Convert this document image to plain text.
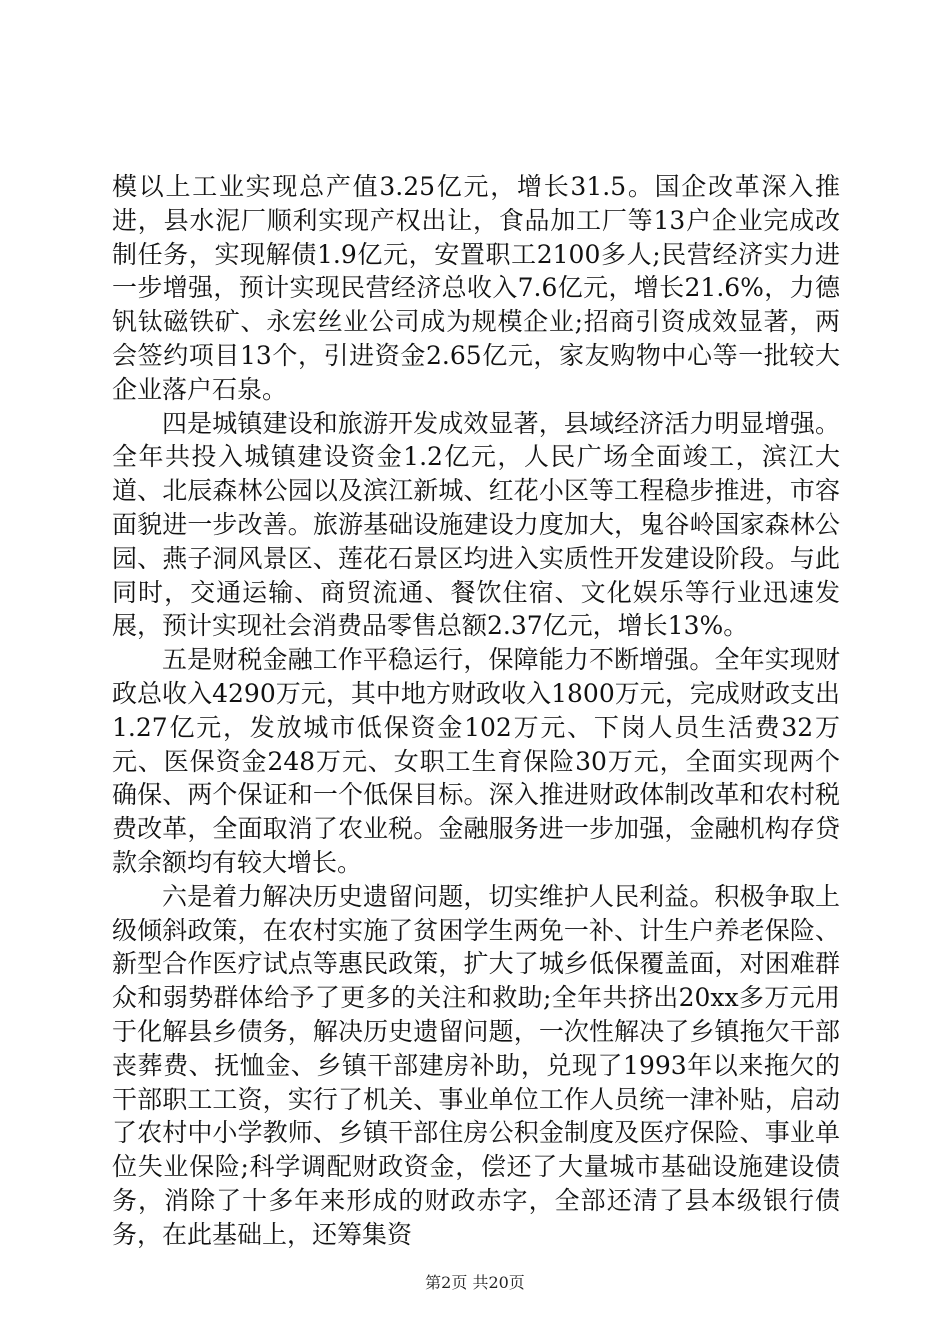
模以上工业实现总产值3.25亿元，增长31.5。国企改革深入推进，县水泥厂顺利实现产权出让，食品加工厂等13户企业完成改制任务，实现解债1.9亿元，安置职工2100多人;民营经济实力进一步增强，预计实现民营经济总收入7.6亿元，增长21.6%，力德钒钛磁铁矿、永宏丝业公司成为规模企业;招商引资成效显著，两会签约项目13个，引进资金2.65亿元，家友购物中心等一批较大企业落户石泉。

四是城镇建设和旅游开发成效显著，县域经济活力明显增强。全年共投入城镇建设资金1.2亿元，人民广场全面竣工，滨江大道、北辰森林公园以及滨江新城、红花小区等工程稳步推进，市容面貌进一步改善。旅游基础设施建设力度加大，鬼谷岭国家森林公园、燕子洞风景区、莲花石景区均进入实质性开发建设阶段。与此同时，交通运输、商贸流通、餐饮住宿、文化娱乐等行业迅速发展，预计实现社会消费品零售总额2.37亿元，增长13%。

五是财税金融工作平稳运行，保障能力不断增强。全年实现财政总收入4290万元，其中地方财政收入1800万元，完成财政支出1.27亿元，发放城市低保资金102万元、下岗人员生活费32万元、医保资金248万元、女职工生育保险30万元，全面实现两个确保、两个保证和一个低保目标。深入推进财政体制改革和农村税费改革，全面取消了农业税。金融服务进一步加强，金融机构存贷款余额均有较大增长。

六是着力解决历史遗留问题，切实维护人民利益。积极争取上级倾斜政策，在农村实施了贫困学生两免一补、计生户养老保险、新型合作医疗试点等惠民政策，扩大了城乡低保覆盖面，对困难群众和弱势群体给予了更多的关注和救助;全年共挤出20xx多万元用于化解县乡债务，解决历史遗留问题，一次性解决了乡镇拖欠干部丧葬费、抚恤金、乡镇干部建房补助，兑现了1993年以来拖欠的干部职工工资，实行了机关、事业单位工作人员统一津补贴，启动了农村中小学教师、乡镇干部住房公积金制度及医疗保险、事业单位失业保险;科学调配财政资金，偿还了大量城市基础设施建设债务，消除了十多年来形成的财政赤字，全部还清了县本级银行债务，在此基础上，还筹集资

第2页 共20页
